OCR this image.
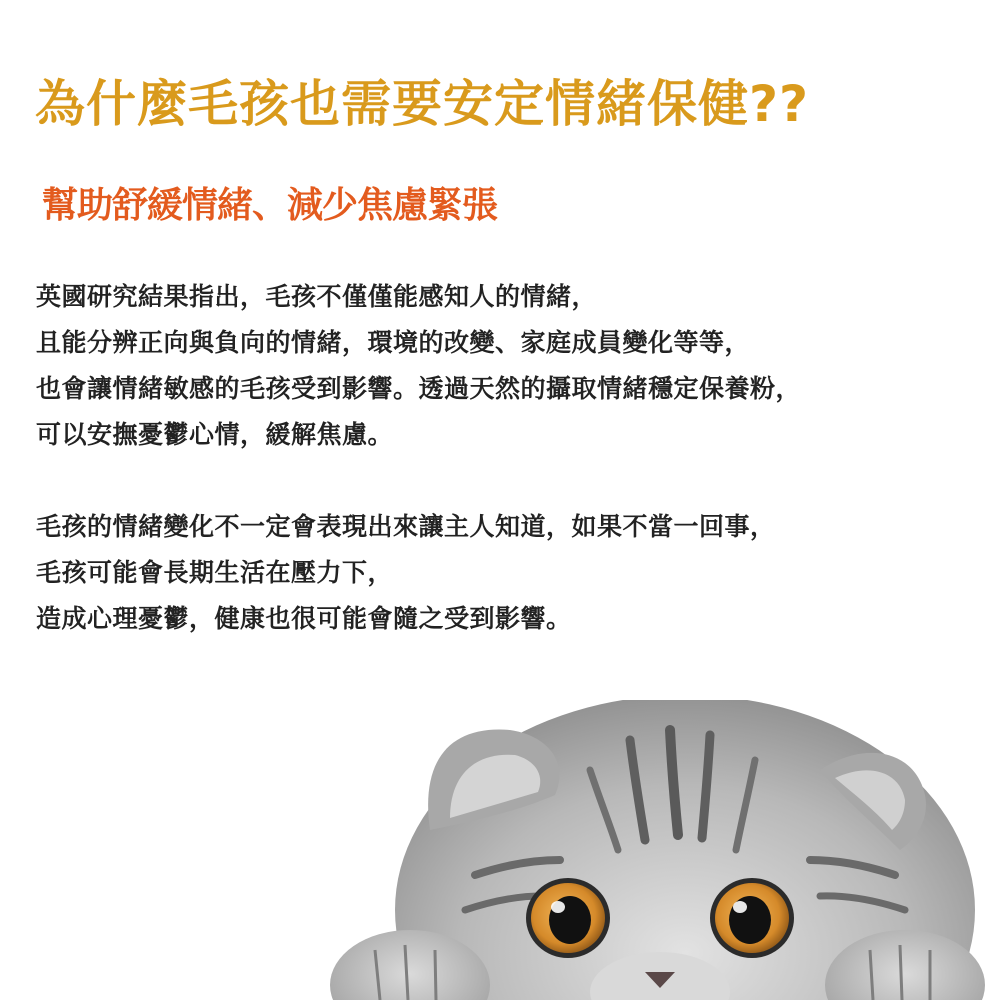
為什麼毛孩也需要安定情緒保健??
幫助舒緩情緒、減少焦慮緊張
英國研究結果指出，毛孩不僅僅能感知人的情緒，
且能分辨正向與負向的情緒，環境的改變、家庭成員變化等等，
也會讓情緒敏感的毛孩受到影響。透過天然的攝取情緒穩定保養粉，
可以安撫憂鬱心情，緩解焦慮。
毛孩的情緒變化不一定會表現出來讓主人知道，如果不當一回事，
毛孩可能會長期生活在壓力下，
造成心理憂鬱，健康也很可能會隨之受到影響。
